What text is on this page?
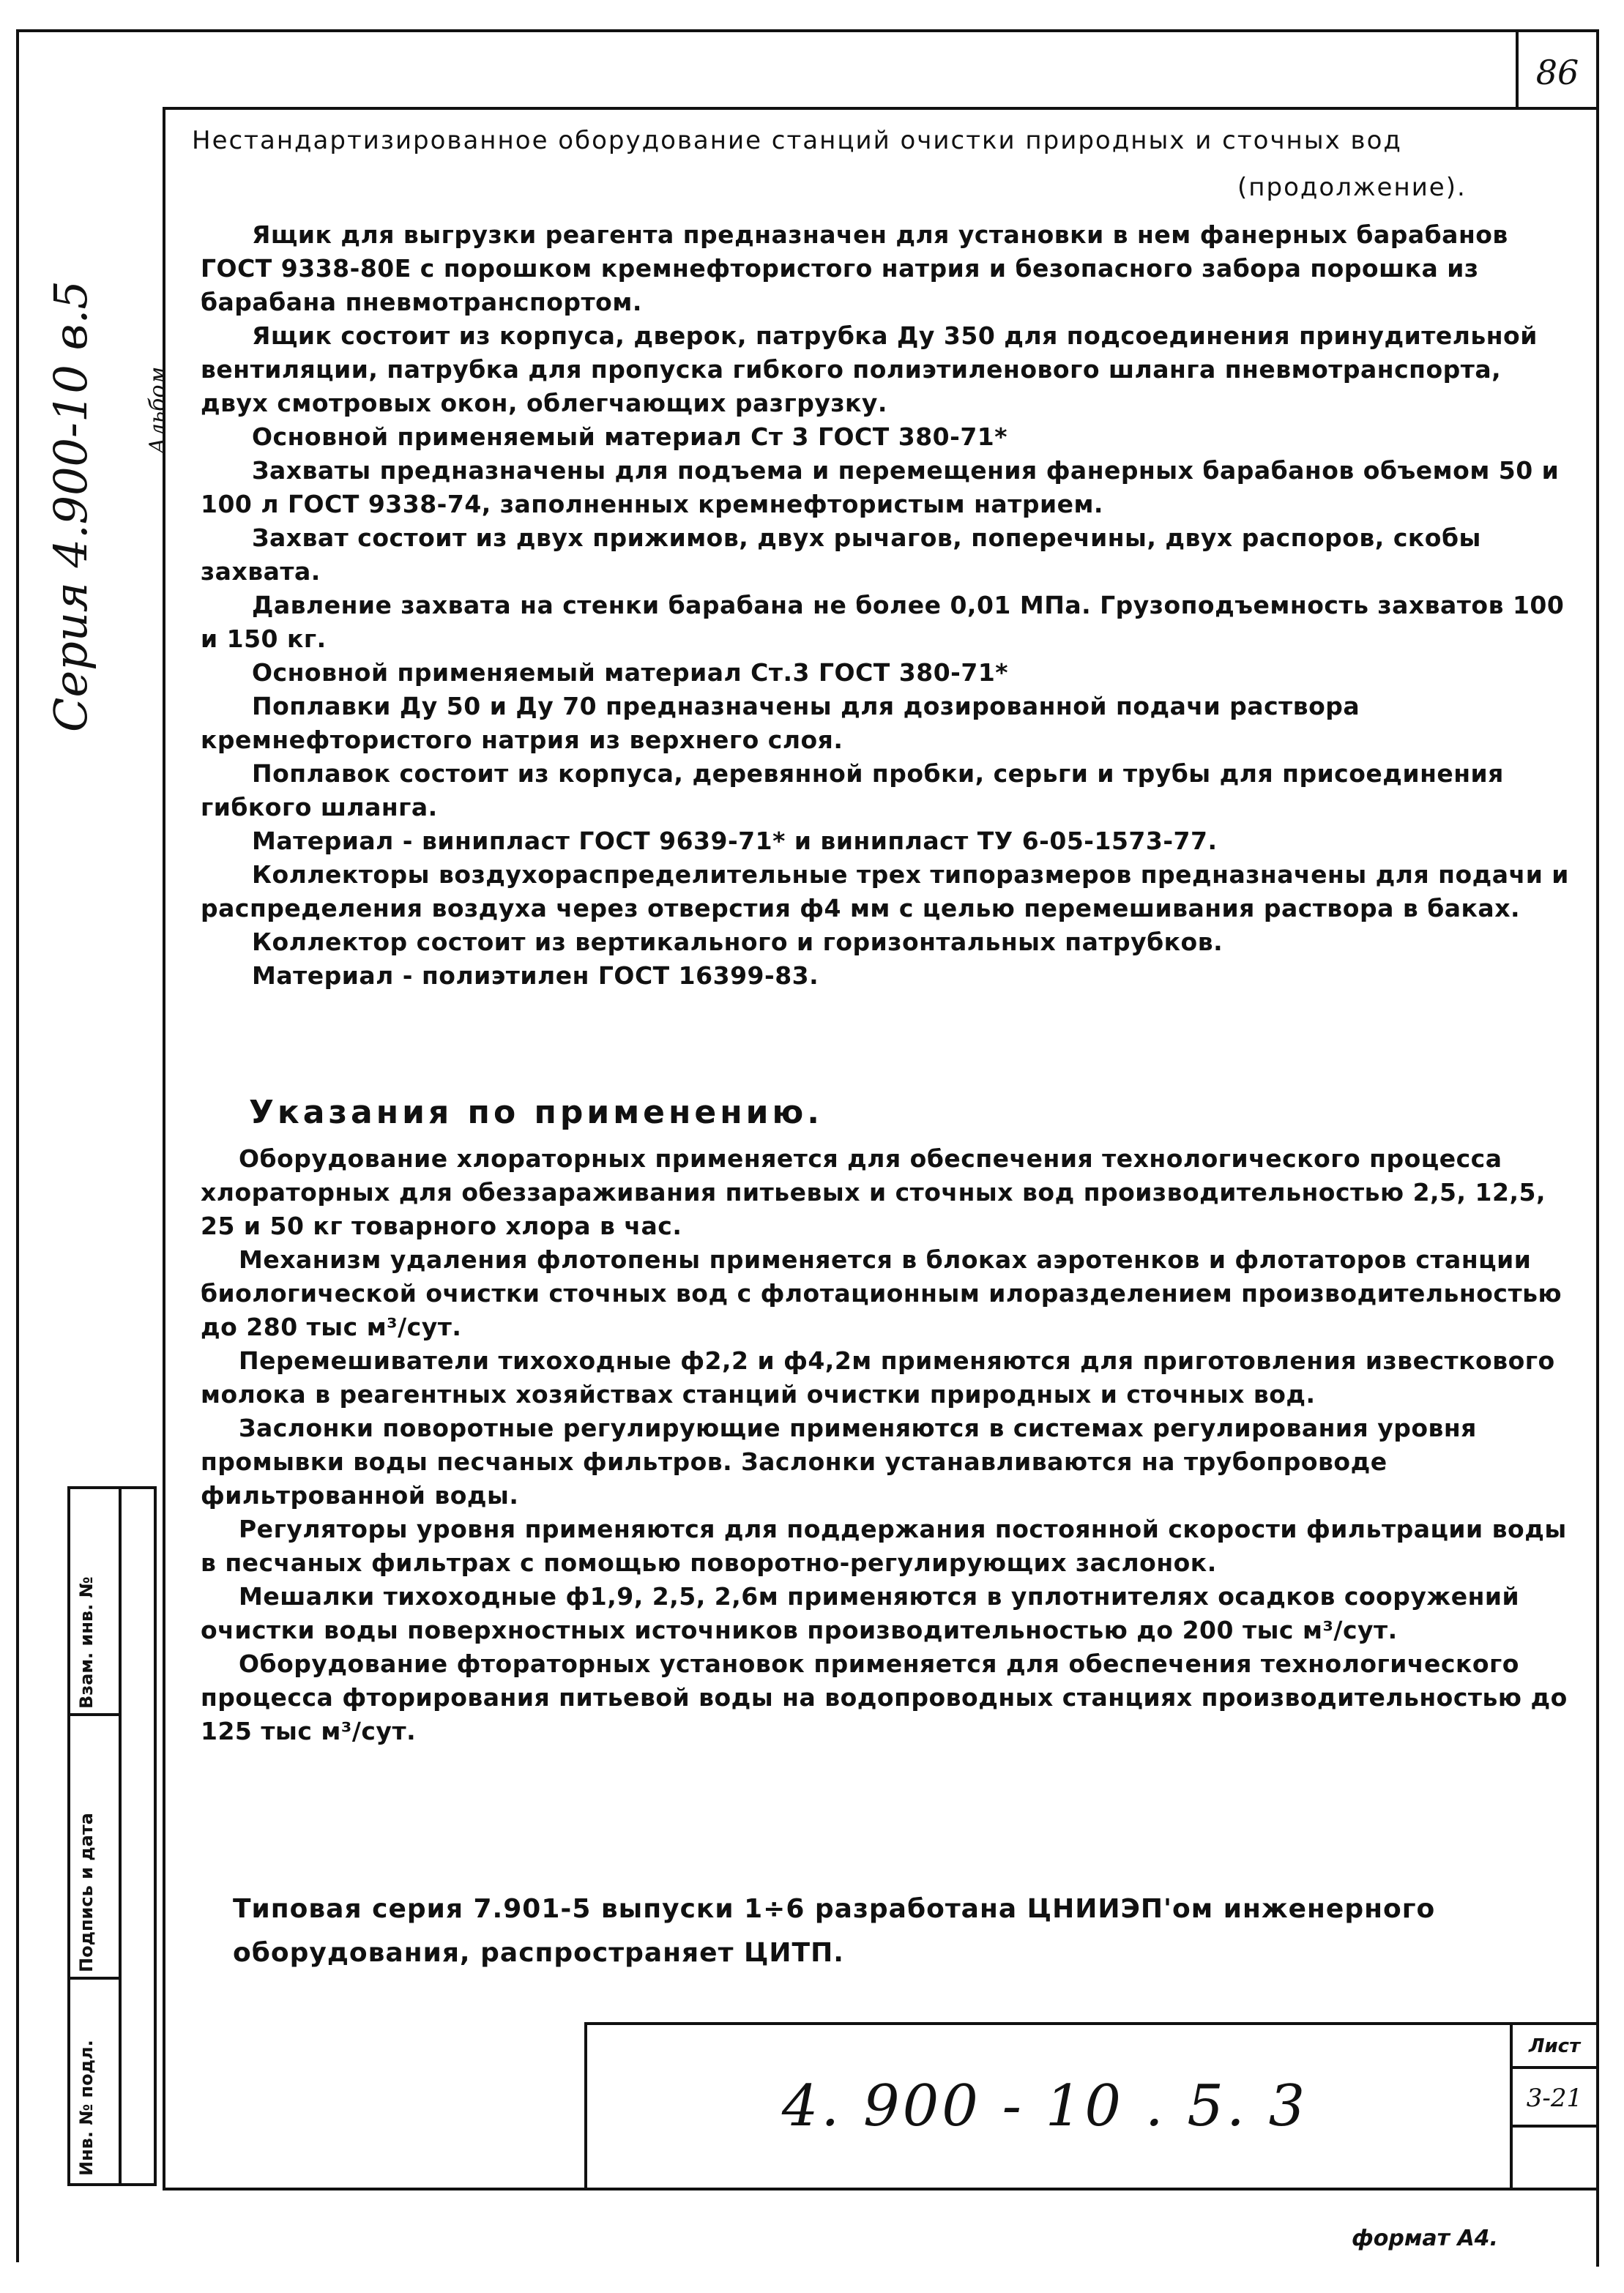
86
Серия 4.900-10 в.5 Альбом
Взам. инв. №
Подпись и дата
Инв. № подл.
Нестандартизированное оборудование станций очистки природных и сточных вод
(продолжение).

Ящик для выгрузки реагента предназначен для установки в нем фанерных барабанов ГОСТ 9338-80Е с порошком кремнефтористого натрия и безопасного забора порошка из барабана пневмотранспортом.

Ящик состоит из корпуса, дверок, патрубка Ду 350 для подсоединения принудительной вентиляции, патрубка для пропуска гибкого полиэтиленового шланга пневмотранспорта, двух смотровых окон, облегчающих разгрузку.

Основной применяемый материал Ст 3 ГОСТ 380-71*

Захваты предназначены для подъема и перемещения фанерных барабанов объемом 50 и 100 л ГОСТ 9338-74, заполненных кремнефтористым натрием.

Захват состоит из двух прижимов, двух рычагов, поперечины, двух распоров, скобы захвата.

Давление захвата на стенки барабана не более 0,01 МПа. Грузоподъемность захватов 100 и 150 кг.

Основной применяемый материал Ст.3 ГОСТ 380-71*

Поплавки Ду 50 и Ду 70 предназначены для дозированной подачи раствора кремнефтористого натрия из верхнего слоя.

Поплавок состоит из корпуса, деревянной пробки, серьги и трубы для присоединения гибкого шланга.

Материал - винипласт ГОСТ 9639-71* и винипласт ТУ 6-05-1573-77.

Коллекторы воздухораспределительные трех типоразмеров предназначены для подачи и распределения воздуха через отверстия ф4 мм с целью перемешивания раствора в баках.

Коллектор состоит из вертикального и горизонтальных патрубков.

Материал - полиэтилен ГОСТ 16399-83.

Указания по применению.

Оборудование хлораторных применяется для обеспечения технологического процесса хлораторных для обеззараживания питьевых и сточных вод производительностью 2,5, 12,5, 25 и 50 кг товарного хлора в час.

Механизм удаления флотопены применяется в блоках аэротенков и флотаторов станции биологической очистки сточных вод с флотационным илоразделением производительностью до 280 тыс м³/сут.

Перемешиватели тихоходные ф2,2 и ф4,2м применяются для приготовления известкового молока в реагентных хозяйствах станций очистки природных и сточных вод.

Заслонки поворотные регулирующие применяются в системах регулирования уровня промывки воды песчаных фильтров. Заслонки устанавливаются на трубопроводе фильтрованной воды.

Регуляторы уровня применяются для поддержания постоянной скорости фильтрации воды в песчаных фильтрах с помощью поворотно-регулирующих заслонок.

Мешалки тихоходные ф1,9, 2,5, 2,6м применяются в уплотнителях осадков сооружений очистки воды поверхностных источников производительностью до 200 тыс м³/сут.

Оборудование фтораторных установок применяется для обеспечения технологического процесса фторирования питьевой воды на водопроводных станциях производительностью до 125 тыс м³/сут.

Типовая серия 7.901-5 выпуски 1÷6 разработана ЦНИИЭП'ом инженерного оборудования, распространяет ЦИТП.
4. 900 - 10 . 5. 3
Лист
3-21
формат А4.
